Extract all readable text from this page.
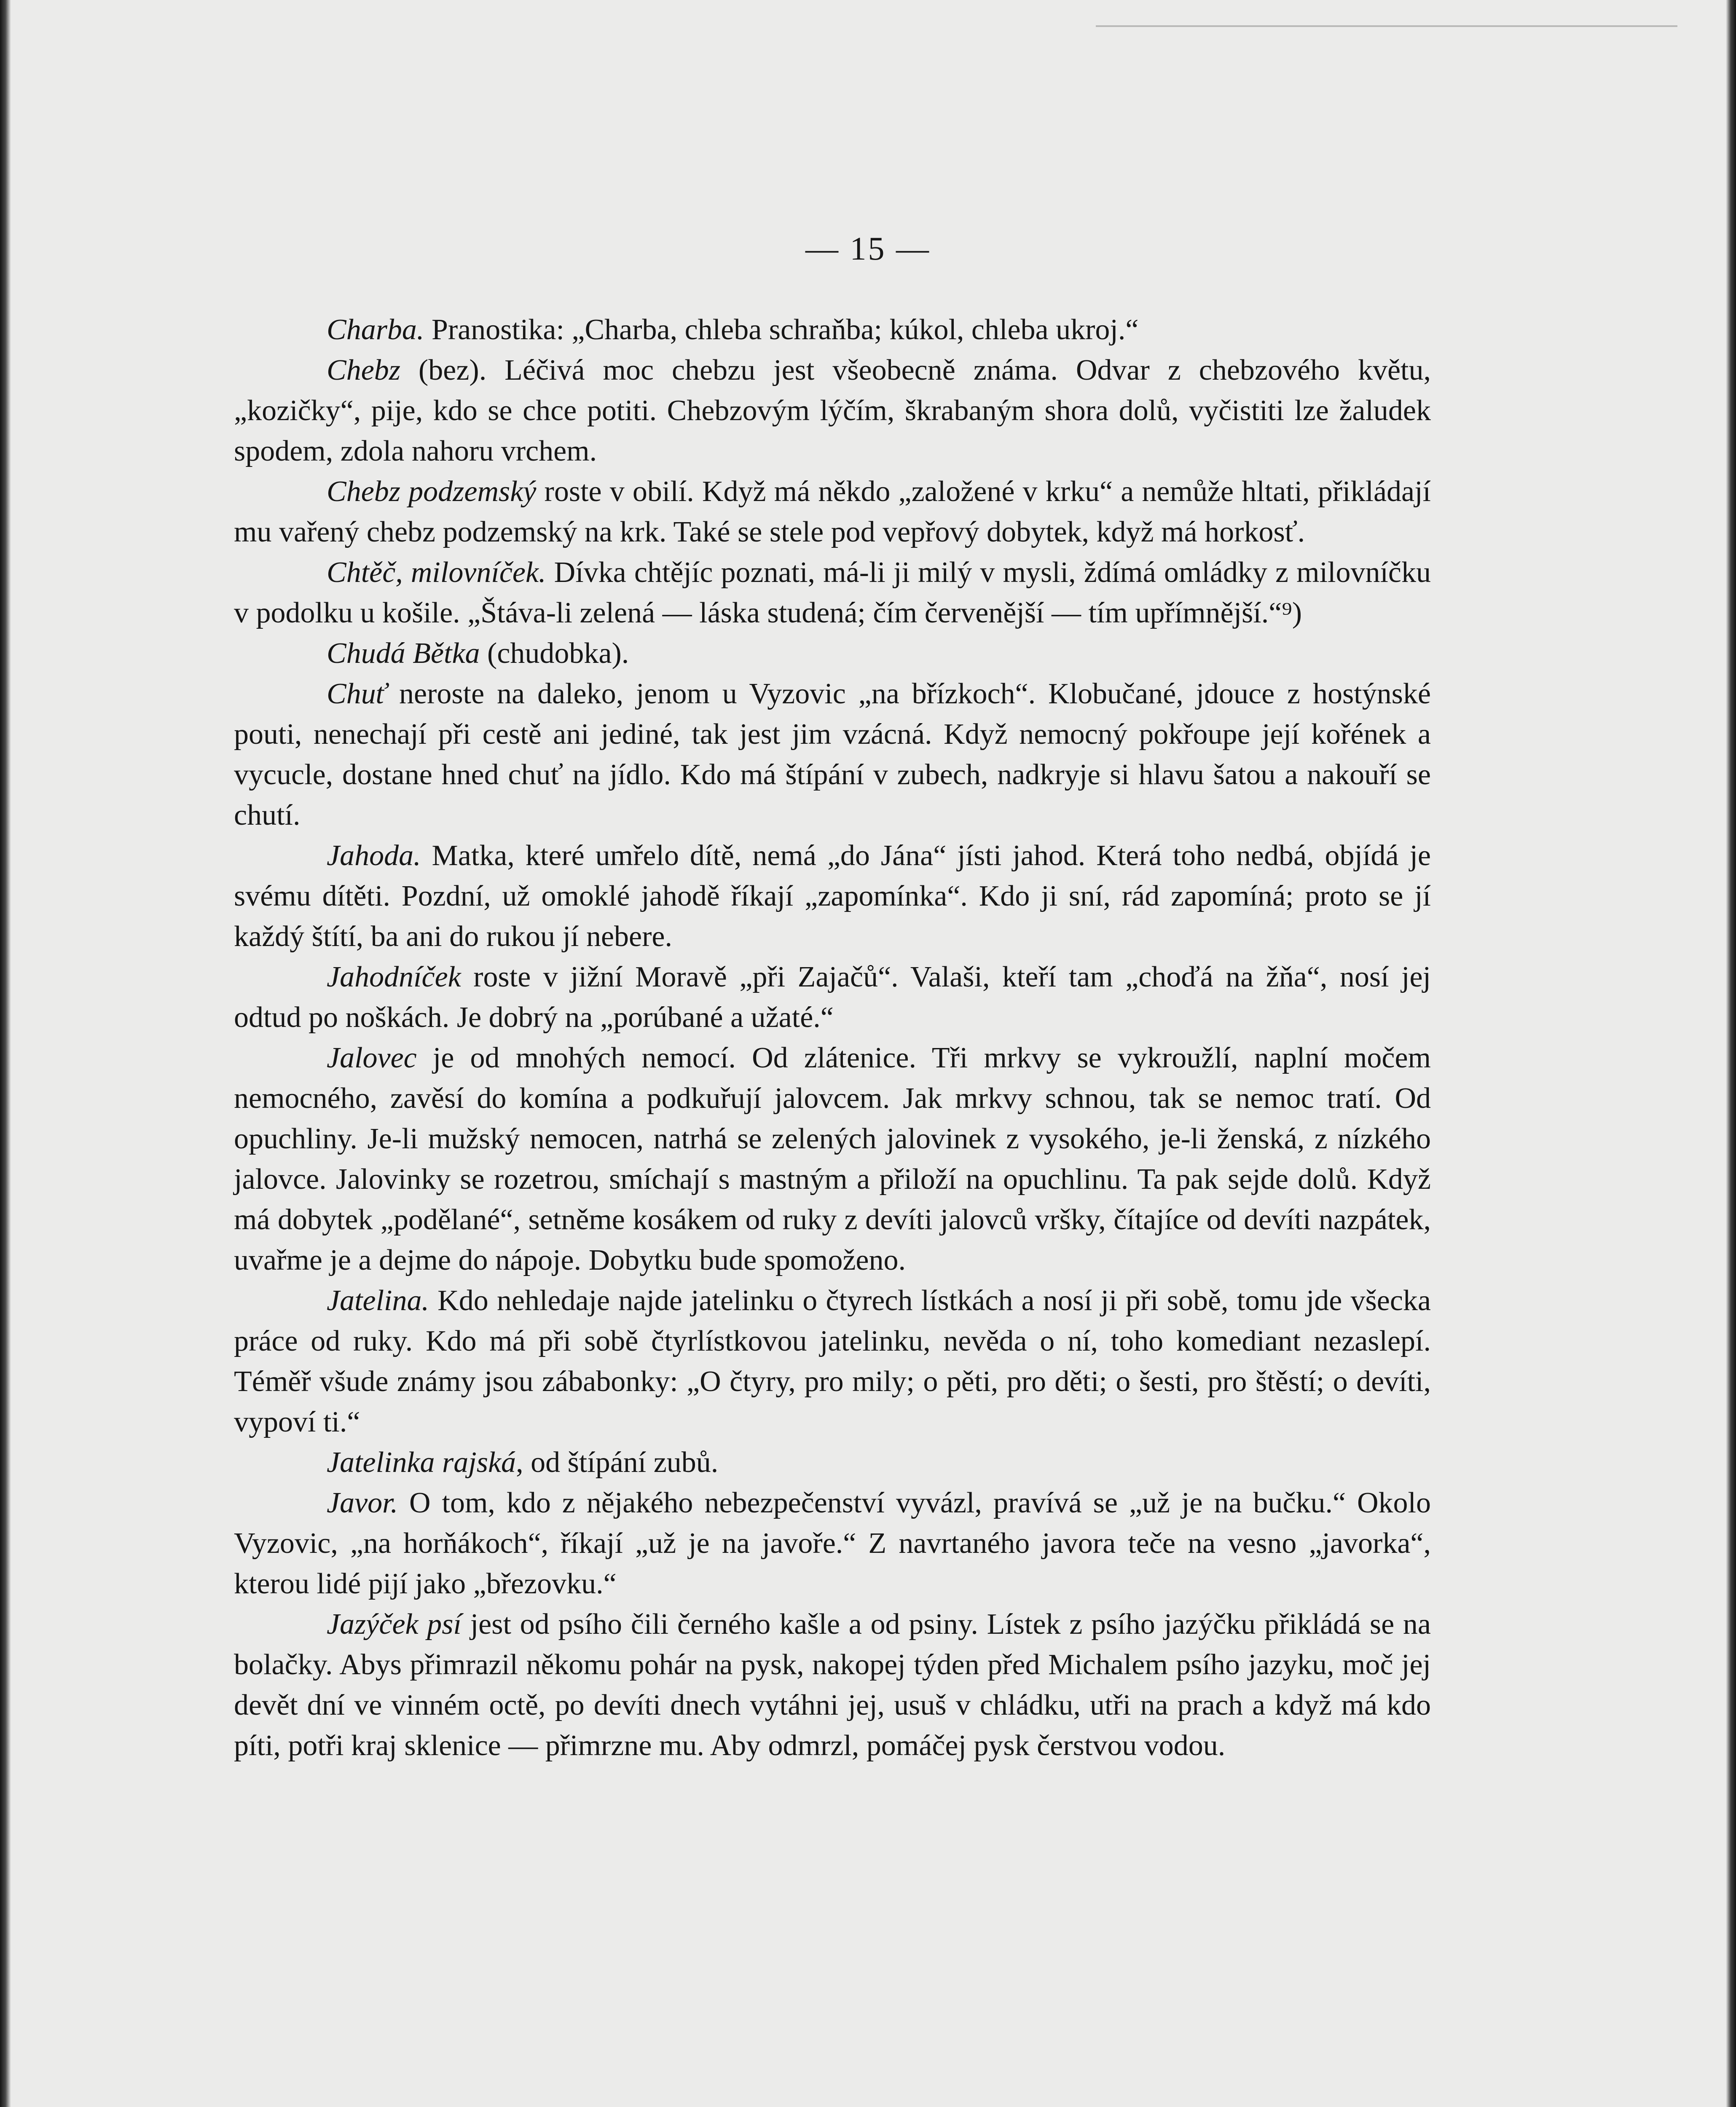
— 15 —

Charba. Pranostika: „Charba, chleba schraňba; kúkol, chleba ukroj.“

Chebz (bez). Léčivá moc chebzu jest všeobecně známa. Odvar z chebzového květu, „kozičky“, pije, kdo se chce potiti. Chebzovým lýčím, škrabaným shora dolů, vyčistiti lze žaludek spodem, zdola nahoru vrchem.

Chebz podzemský roste v obilí. Když má někdo „založené v krku“ a nemůže hltati, přikládají mu vařený chebz podzemský na krk. Také se stele pod vepřový dobytek, když má horkosť.

Chtěč, milovníček. Dívka chtějíc poznati, má-li ji milý v mysli, ždímá omládky z milovníčku v podolku u košile. „Štáva-li zelená — láska studená; čím červenější — tím upřímnější.“⁹)

Chudá Bětka (chudobka).

Chuť neroste na daleko, jenom u Vyzovic „na břízkoch“. Klobučané, jdouce z hostýnské pouti, nenechají při cestě ani jediné, tak jest jim vzácná. Když nemocný pokřoupe její kořének a vycucle, dostane hned chuť na jídlo. Kdo má štípání v zubech, nadkryje si hlavu šatou a nakouří se chutí.

Jahoda. Matka, které umřelo dítě, nemá „do Jána“ jísti jahod. Která toho nedbá, objídá je svému dítěti. Pozdní, už omoklé jahodě říkají „zapomínka“. Kdo ji sní, rád zapomíná; proto se jí každý štítí, ba ani do rukou jí nebere.

Jahodníček roste v jižní Moravě „při Zajačů“. Valaši, kteří tam „choďá na žňa“, nosí jej odtud po noškách. Je dobrý na „porúbané a užaté.“

Jalovec je od mnohých nemocí. Od zlátenice. Tři mrkvy se vykroužlí, naplní močem nemocného, zavěsí do komína a podkuřují jalovcem. Jak mrkvy schnou, tak se nemoc tratí. Od opuchliny. Je-li mužský nemocen, natrhá se zelených jalovinek z vysokého, je-li ženská, z nízkého jalovce. Jalovinky se rozetrou, smíchají s mastným a přiloží na opuchlinu. Ta pak sejde dolů. Když má dobytek „podělané“, setněme kosákem od ruky z devíti jalovců vršky, čítajíce od devíti nazpátek, uvařme je a dejme do nápoje. Dobytku bude spomoženo.

Jatelina. Kdo nehledaje najde jatelinku o čtyrech lístkách a nosí ji při sobě, tomu jde všecka práce od ruky. Kdo má při sobě čtyrlístkovou jatelinku, nevěda o ní, toho komediant nezaslepí. Téměř všude známy jsou zábabonky: „O čtyry, pro mily; o pěti, pro děti; o šesti, pro štěstí; o devíti, vypoví ti.“

Jatelinka rajská, od štípání zubů.

Javor. O tom, kdo z nějakého nebezpečenství vyvázl, pravívá se „už je na bučku.“ Okolo Vyzovic, „na horňákoch“, říkají „už je na javoře.“ Z navrtaného javora teče na vesno „javorka“, kterou lidé pijí jako „březovku.“

Jazýček psí jest od psího čili černého kašle a od psiny. Lístek z psího jazýčku přikládá se na bolačky. Abys přimrazil někomu pohár na pysk, nakopej týden před Michalem psího jazyku, moč jej devět dní ve vinném octě, po devíti dnech vytáhni jej, usuš v chládku, utři na prach a když má kdo píti, potři kraj sklenice — přimrzne mu. Aby odmrzl, pomáčej pysk čerstvou vodou.
